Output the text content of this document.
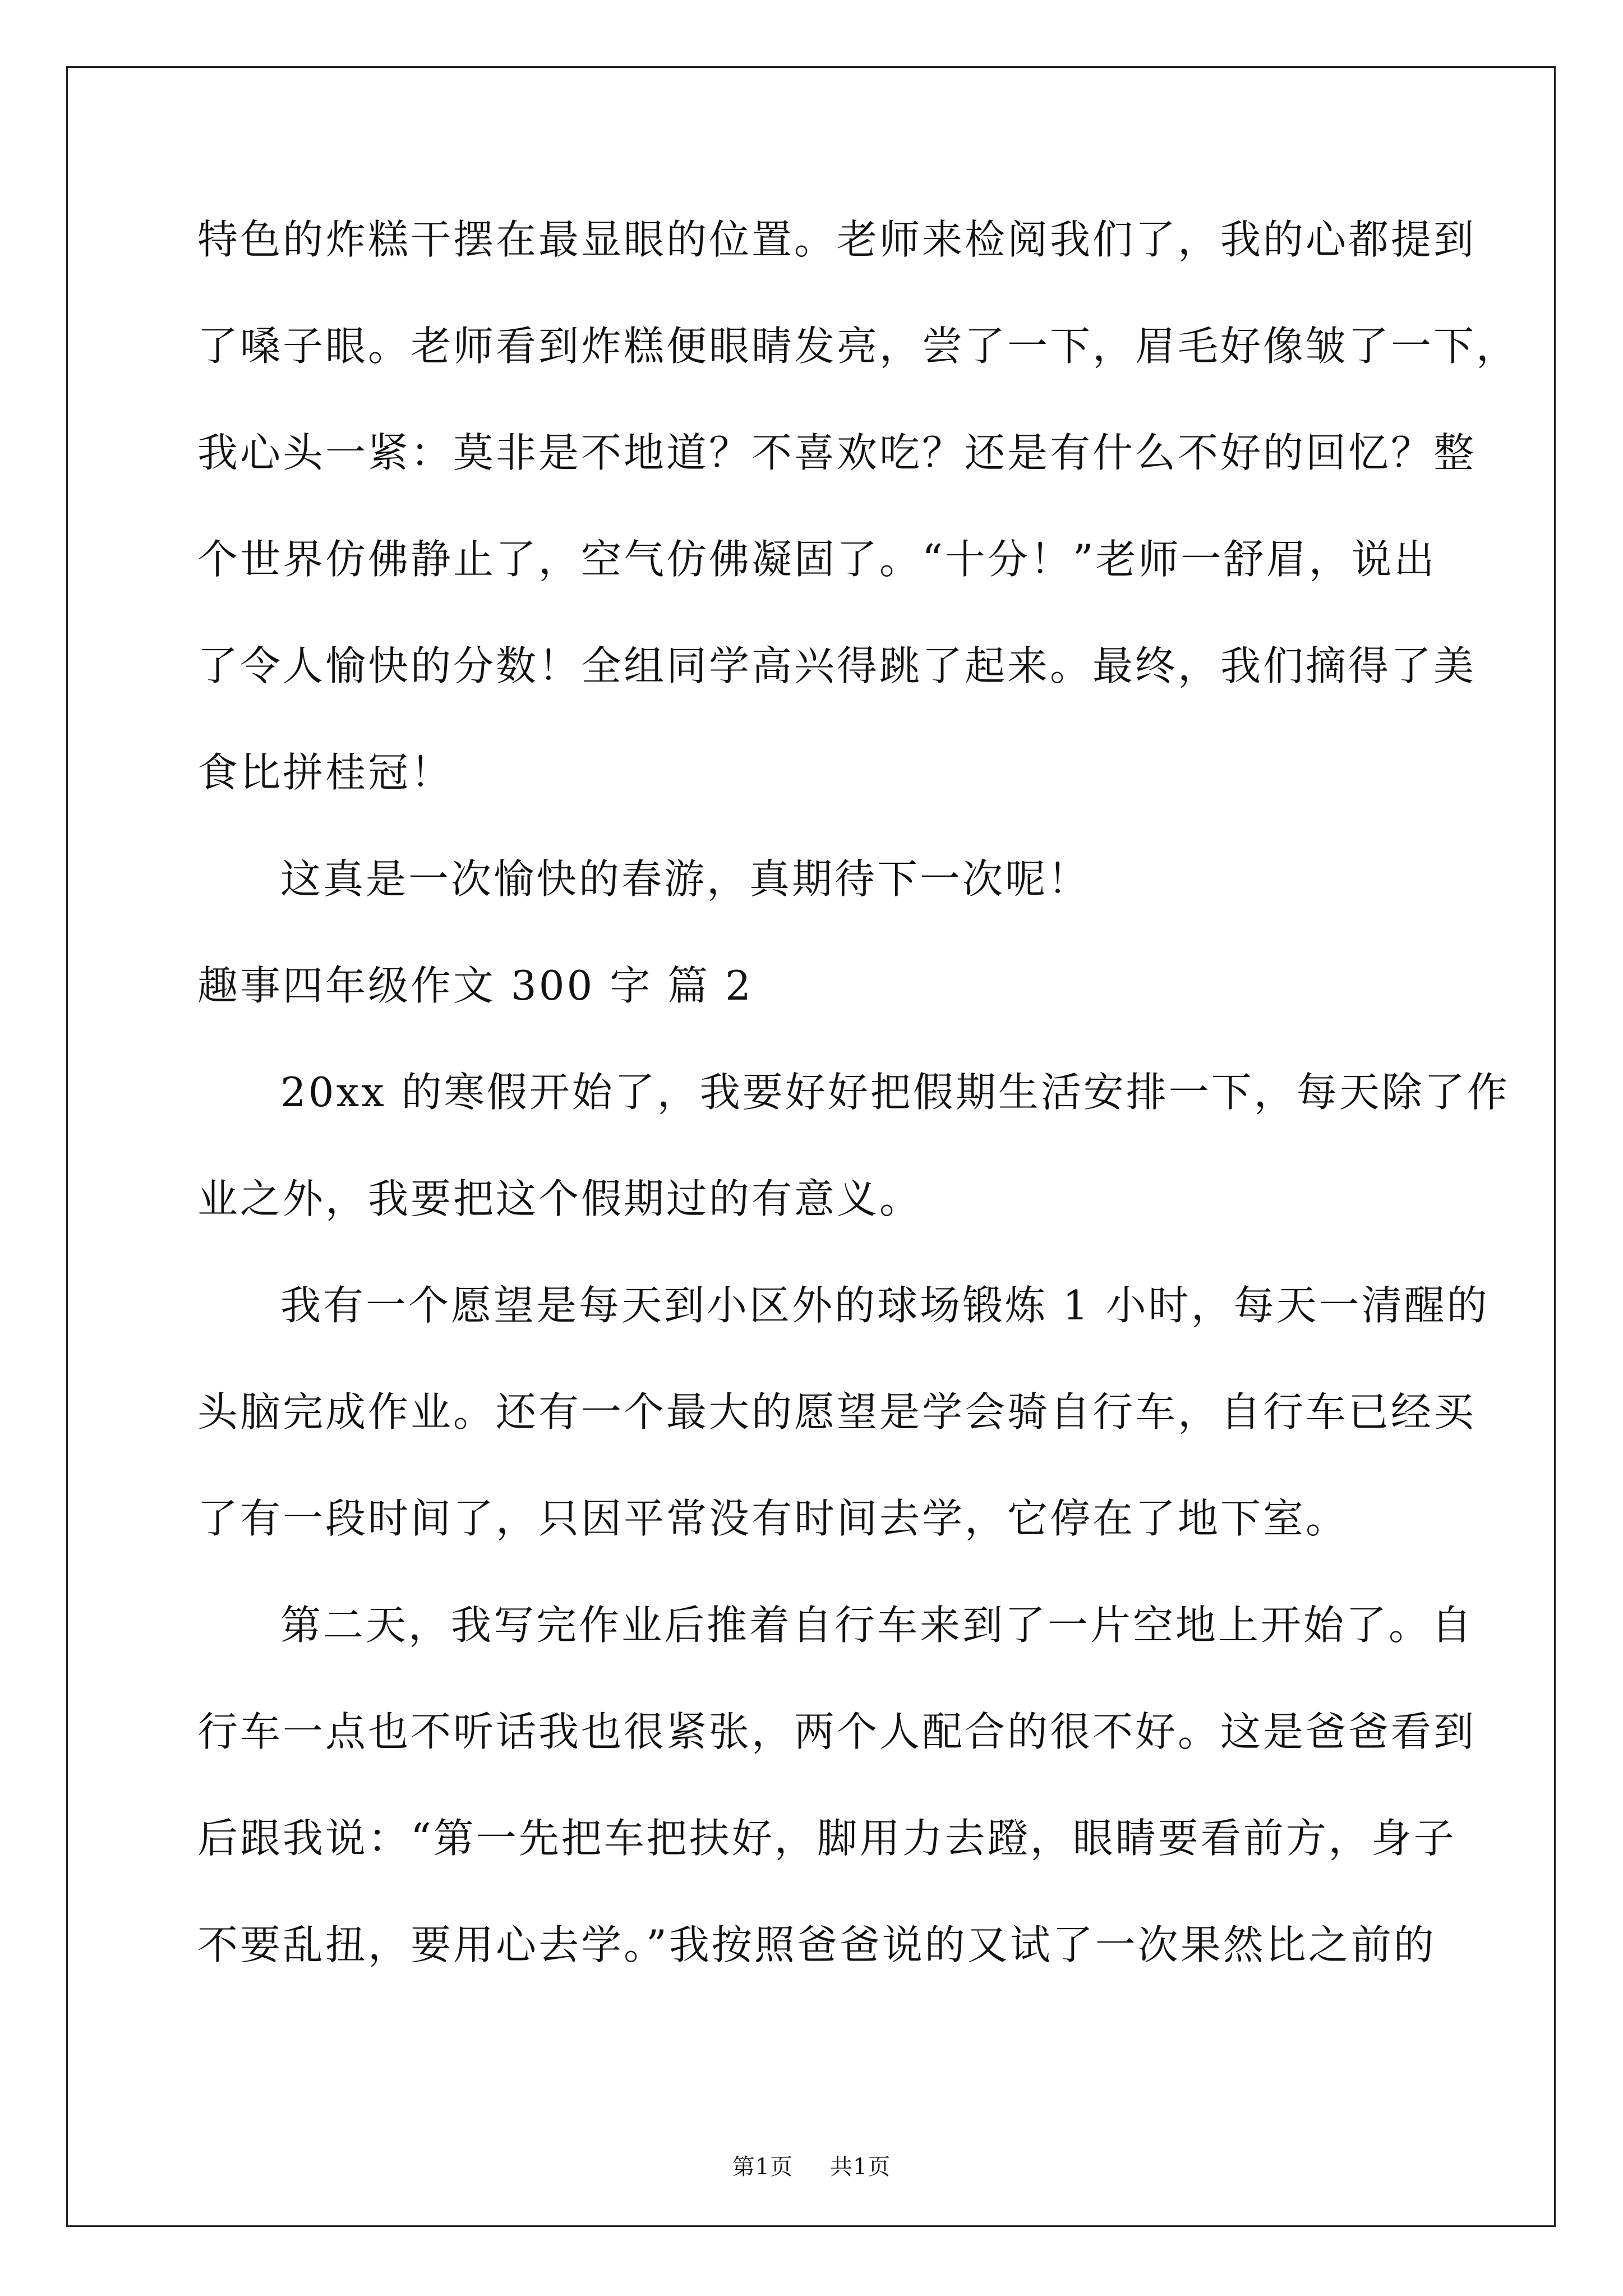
特色的炸糕干摆在最显眼的位置。老师来检阅我们了，我的心都提到
了嗓子眼。老师看到炸糕便眼睛发亮，尝了一下，眉毛好像皱了一下，
我心头一紧：莫非是不地道？不喜欢吃？还是有什么不好的回忆？整
个世界仿佛静止了，空气仿佛凝固了。“十分！”老师一舒眉，说出
了令人愉快的分数！全组同学高兴得跳了起来。最终，我们摘得了美
食比拼桂冠！
这真是一次愉快的春游，真期待下一次呢！
趣事四年级作文 300 字 篇 2
20xx 的寒假开始了，我要好好把假期生活安排一下，每天除了作
业之外，我要把这个假期过的有意义。
我有一个愿望是每天到小区外的球场锻炼 1 小时，每天一清醒的
头脑完成作业。还有一个最大的愿望是学会骑自行车，自行车已经买
了有一段时间了，只因平常没有时间去学，它停在了地下室。
第二天，我写完作业后推着自行车来到了一片空地上开始了。自
行车一点也不听话我也很紧张，两个人配合的很不好。这是爸爸看到
后跟我说：“第一先把车把扶好，脚用力去蹬，眼睛要看前方，身子
不要乱扭，要用心去学。”我按照爸爸说的又试了一次果然比之前的
第1页 共1页
